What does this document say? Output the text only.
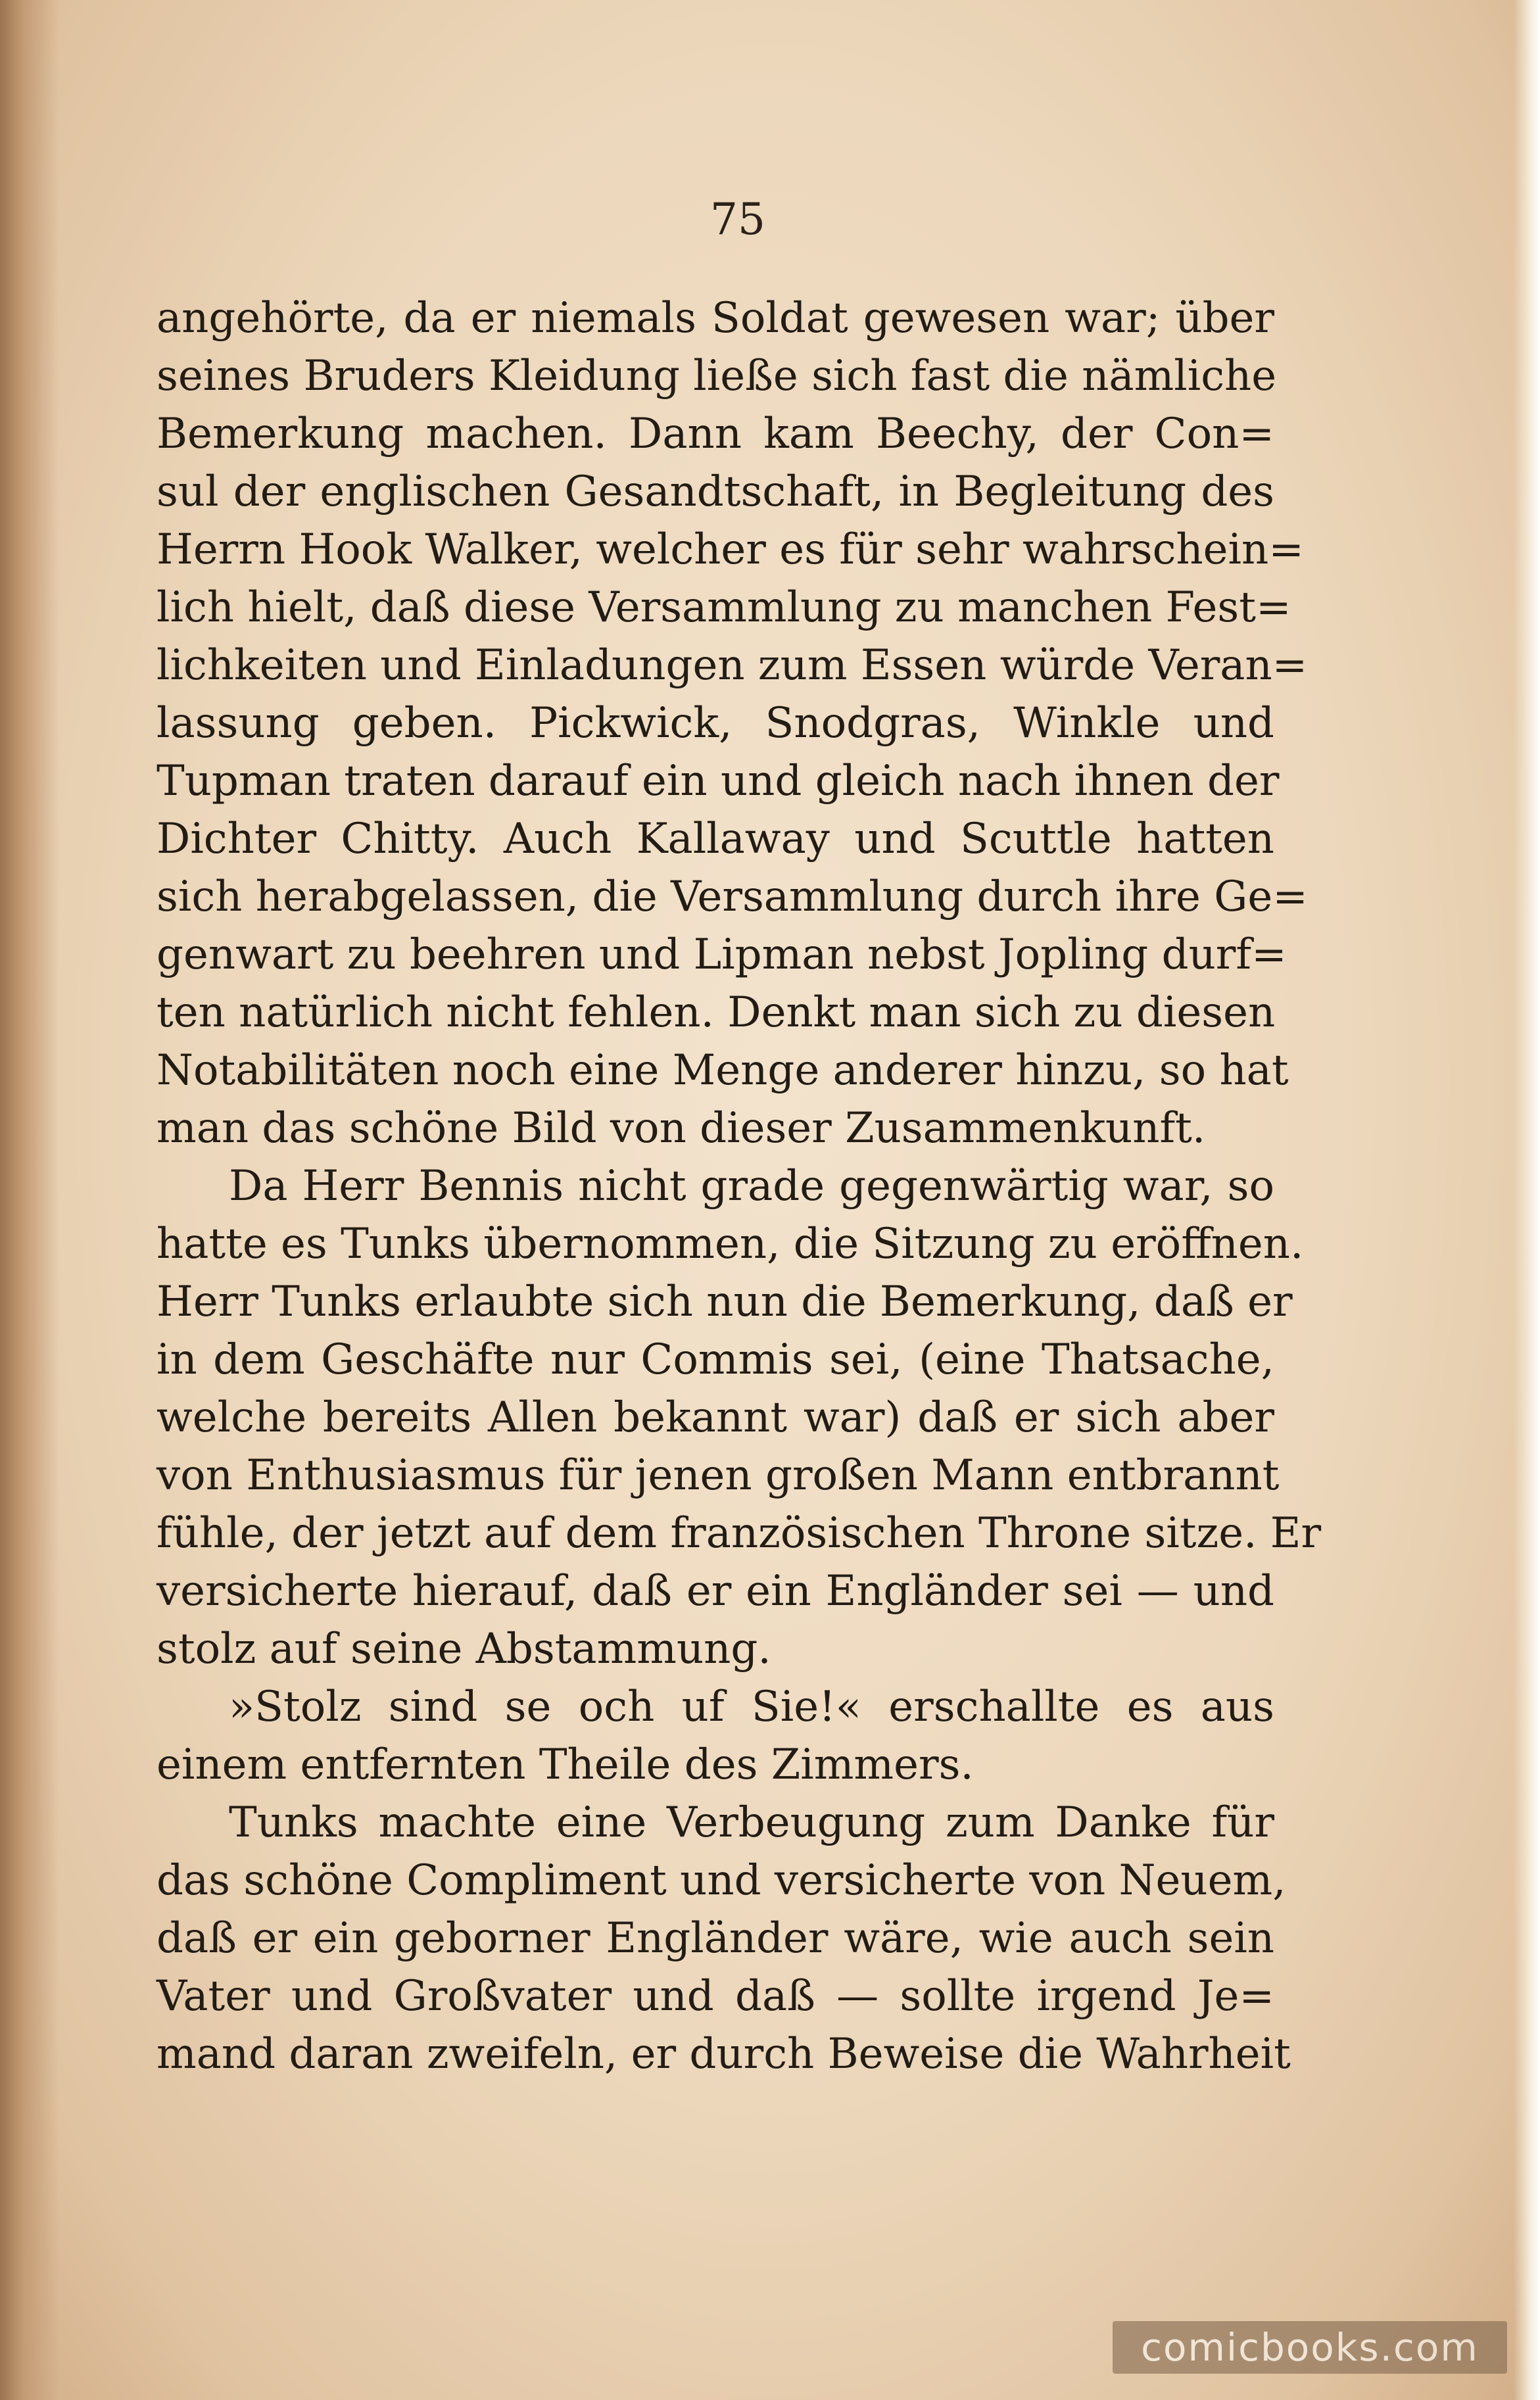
75
angehörte, da er niemals Soldat gewesen war; über
seines Bruders Kleidung ließe sich fast die nämliche
Bemerkung machen. Dann kam Beechy, der Con=
sul der englischen Gesandtschaft, in Begleitung des
Herrn Hook Walker, welcher es für sehr wahrschein=
lich hielt, daß diese Versammlung zu manchen Fest=
lichkeiten und Einladungen zum Essen würde Veran=
lassung geben. Pickwick, Snodgras, Winkle und
Tupman traten darauf ein und gleich nach ihnen der
Dichter Chitty. Auch Kallaway und Scuttle hatten
sich herabgelassen, die Versammlung durch ihre Ge=
genwart zu beehren und Lipman nebst Jopling durf=
ten natürlich nicht fehlen. Denkt man sich zu diesen
Notabilitäten noch eine Menge anderer hinzu, so hat
man das schöne Bild von dieser Zusammenkunft.
Da Herr Bennis nicht grade gegenwärtig war, so
hatte es Tunks übernommen, die Sitzung zu eröffnen.
Herr Tunks erlaubte sich nun die Bemerkung, daß er
in dem Geschäfte nur Commis sei, (eine Thatsache,
welche bereits Allen bekannt war) daß er sich aber
von Enthusiasmus für jenen großen Mann entbrannt
fühle, der jetzt auf dem französischen Throne sitze. Er
versicherte hierauf, daß er ein Engländer sei — und
stolz auf seine Abstammung.
»Stolz sind se och uf Sie!« erschallte es aus
einem entfernten Theile des Zimmers.
Tunks machte eine Verbeugung zum Danke für
das schöne Compliment und versicherte von Neuem,
daß er ein geborner Engländer wäre, wie auch sein
Vater und Großvater und daß — sollte irgend Je=
mand daran zweifeln, er durch Beweise die Wahrheit
comicbooks.com
